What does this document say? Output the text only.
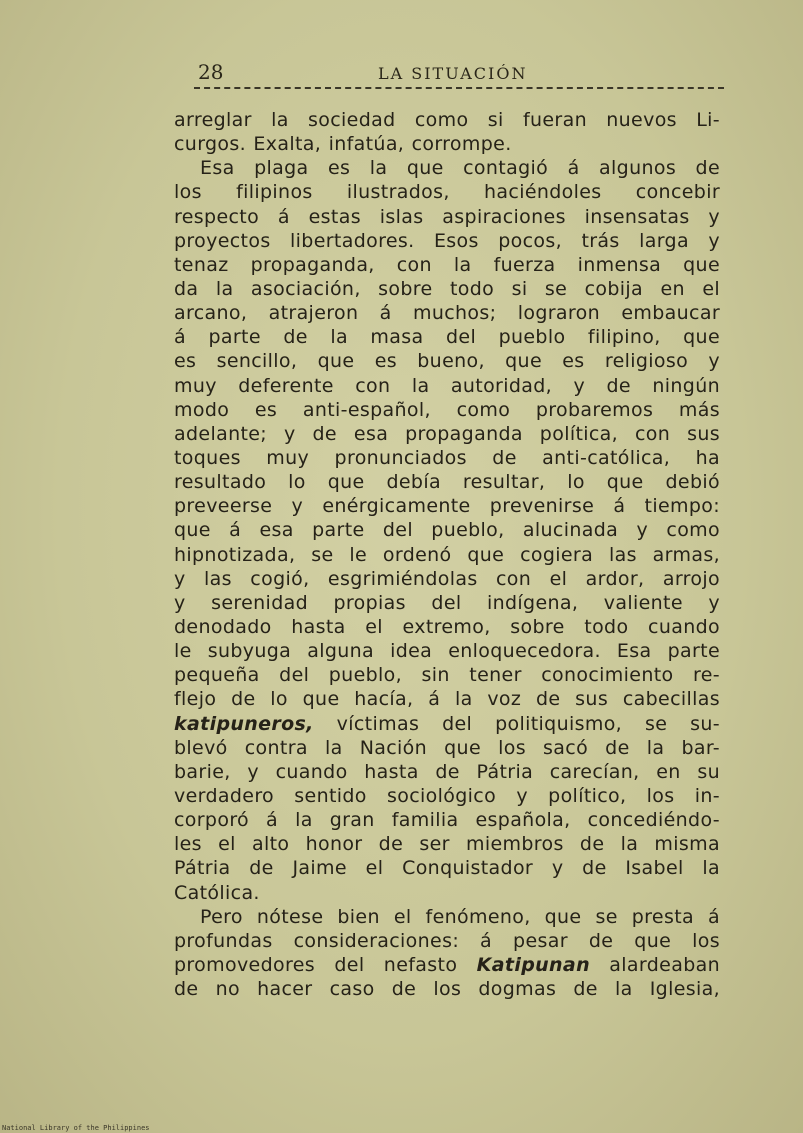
28	LA SITUACIÓN
arreglar la sociedad como si fueran nuevos Li-
curgos. Exalta, infatúa, corrompe.
Esa plaga es la que contagió á algunos de
los filipinos ilustrados, haciéndoles concebir
respecto á estas islas aspiraciones insensatas y
proyectos libertadores. Esos pocos, trás larga y
tenaz propaganda, con la fuerza inmensa que
da la asociación, sobre todo si se cobija en el
arcano, atrajeron á muchos; lograron embaucar
á parte de la masa del pueblo filipino, que
es sencillo, que es bueno, que es religioso y
muy deferente con la autoridad, y de ningún
modo es anti-español, como probaremos más
adelante; y de esa propaganda política, con sus
toques muy pronunciados de anti-católica, ha
resultado lo que debía resultar, lo que debió
preveerse y enérgicamente prevenirse á tiempo:
que á esa parte del pueblo, alucinada y como
hipnotizada, se le ordenó que cogiera las armas,
y las cogió, esgrimiéndolas con el ardor, arrojo
y serenidad propias del indígena, valiente y
denodado hasta el extremo, sobre todo cuando
le subyuga alguna idea enloquecedora. Esa parte
pequeña del pueblo, sin tener conocimiento re-
flejo de lo que hacía, á la voz de sus cabecillas
katipuneros, víctimas del politiquismo, se su-
blevó contra la Nación que los sacó de la bar-
barie, y cuando hasta de Pátria carecían, en su
verdadero sentido sociológico y político, los in-
corporó á la gran familia española, concediéndo-
les el alto honor de ser miembros de la misma
Pátria de Jaime el Conquistador y de Isabel la
Católica.
Pero nótese bien el fenómeno, que se presta á
profundas consideraciones: á pesar de que los
promovedores del nefasto Katipunan alardeaban
de no hacer caso de los dogmas de la Iglesia,
National Library of the Philippines
